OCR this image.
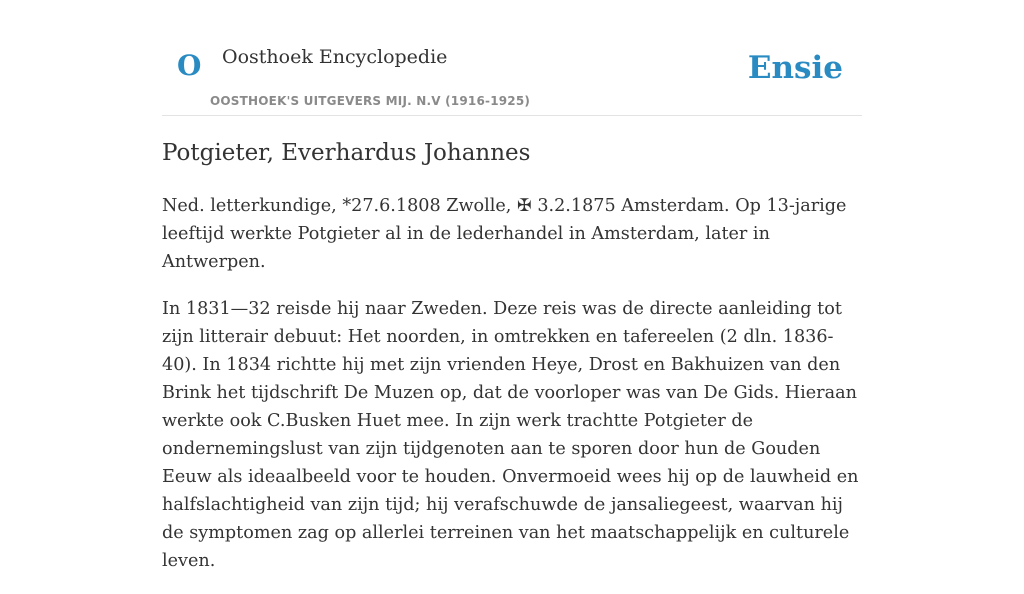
O Oosthoek Encyclopedie
OOSTHOEK'S UITGEVERS MIJ. N.V (1916-1925)
Ensie
Potgieter, Everhardus Johannes

Ned. letterkundige, *27.6.1808 Zwolle, ✠ 3.2.1875 Amsterdam. Op 13-jarige leeftijd werkte Potgieter al in de lederhandel in Amsterdam, later in Antwerpen.

In 1831—32 reisde hij naar Zweden. Deze reis was de directe aanleiding tot zijn litterair debuut: Het noorden, in omtrekken en tafereelen (2 dln. 1836-40). In 1834 richtte hij met zijn vrienden Heye, Drost en Bakhuizen van den Brink het tijdschrift De Muzen op, dat de voorloper was van De Gids. Hieraan werkte ook C.Busken Huet mee. In zijn werk trachtte Potgieter de ondernemingslust van zijn tijdgenoten aan te sporen door hun de Gouden Eeuw als ideaalbeeld voor te houden. Onvermoeid wees hij op de lauwheid en halfslachtigheid van zijn tijd; hij verafschuwde de jansaliegeest, waarvan hij de symptomen zag op allerlei terreinen van het maatschappelijk en culturele leven.
